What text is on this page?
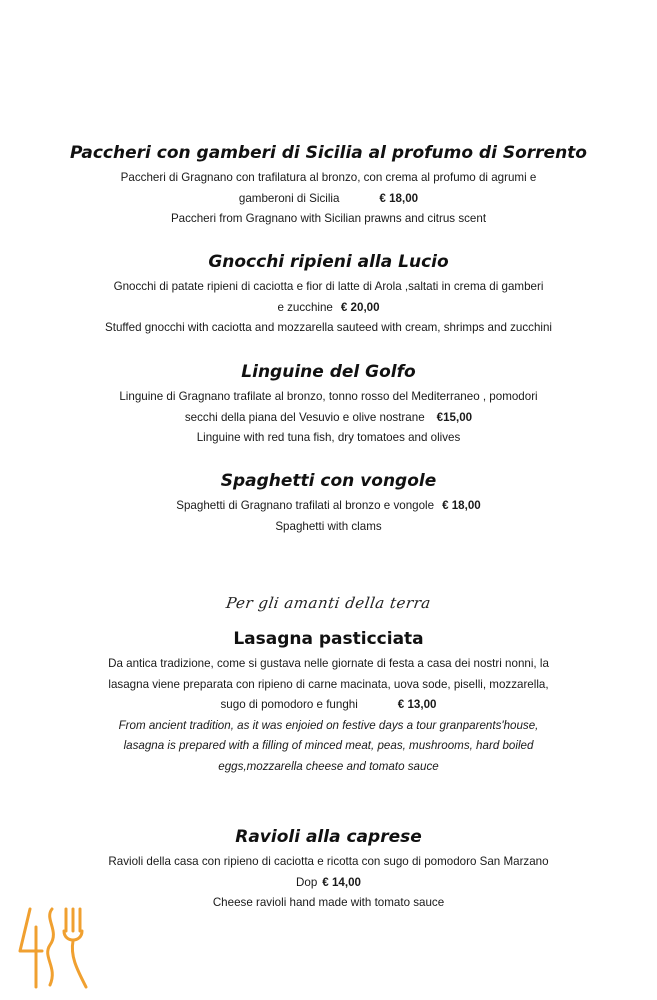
Paccheri con gamberi di Sicilia al profumo di Sorrento
Paccheri di Gragnano con trafilatura al bronzo, con crema al profumo di agrumi e
gamberoni di Sicilia	€ 18,00
Paccheri from Gragnano with Sicilian prawns and citrus scent
Gnocchi ripieni alla Lucio
Gnocchi di patate ripieni di caciotta e fior di latte di Arola ,saltati in crema di gamberi
e zucchine € 20,00
Stuffed gnocchi with caciotta and mozzarella sauteed with cream, shrimps and zucchini
Linguine del Golfo
Linguine di Gragnano trafilate al bronzo, tonno rosso del Mediterraneo , pomodori
secchi della piana del Vesuvio e olive nostrane €15,00
Linguine with red tuna fish, dry tomatoes and olives
Spaghetti con vongole
Spaghetti di Gragnano trafilati al bronzo e vongole € 18,00
Spaghetti with clams
Per gli amanti della terra
Lasagna pasticciata
Da antica tradizione, come si gustava nelle giornate di festa a casa dei nostri nonni, la
lasagna viene preparata con ripieno di carne macinata, uova sode, piselli, mozzarella,
sugo di pomodoro e funghi	€ 13,00
From ancient tradition, as it was enjoied on festive days a tour granparents'house,
lasagna is prepared with a filling of minced meat, peas, mushrooms, hard boiled
eggs,mozzarella cheese and tomato sauce
Ravioli alla caprese
Ravioli della casa con ripieno di caciotta e ricotta con sugo di pomodoro San Marzano
Dop € 14,00
Cheese ravioli hand made with tomato sauce
